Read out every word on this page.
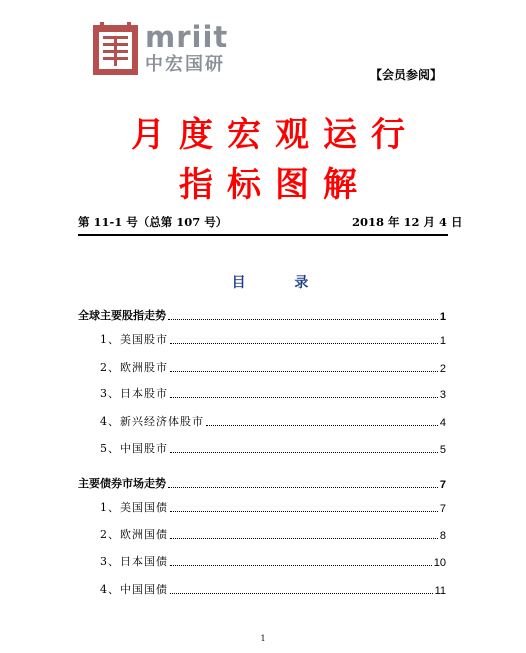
mriit
中宏国研	【会员参阅】
月度宏观运行
指标图解
第 11-1 号（总第 107 号）	2018 年 12 月 4 日
目 录
全球主要股指走势	1
1、美国股市	1
2、欧洲股市	2
3、日本股市	3
4、新兴经济体股市	4
5、中国股市	5
主要债券市场走势	7
1、美国国债	7
2、欧洲国债	8
3、日本国债	10
4、中国国债	11
1
